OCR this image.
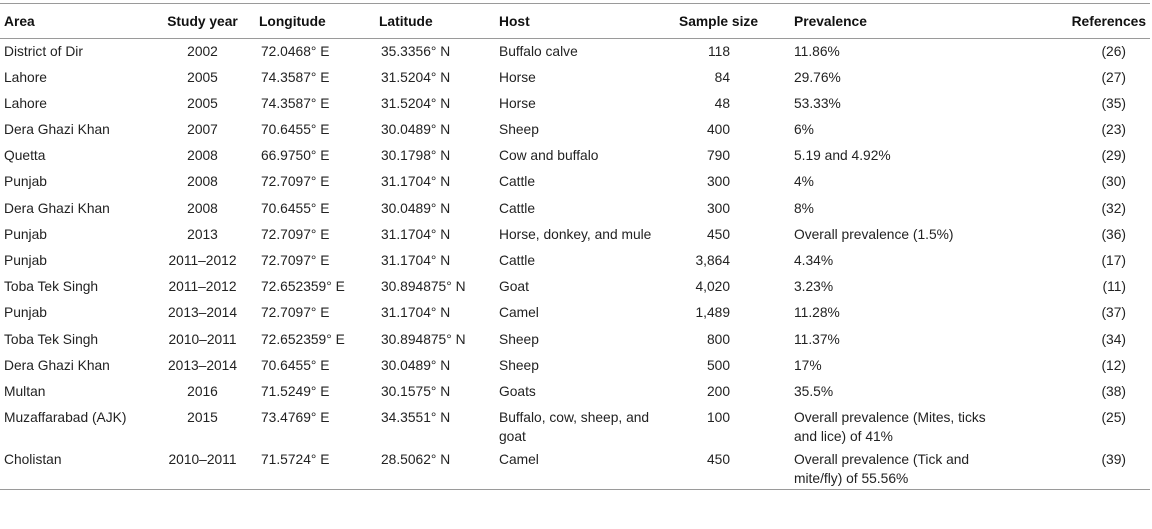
Area	Study year	Longitude	Latitude	Host	Sample size	Prevalence	References
District of Dir	2002	72.0468° E	35.3356° N	Buffalo calve	118	11.86%	(26)
Lahore	2005	74.3587° E	31.5204° N	Horse	84	29.76%	(27)
Lahore	2005	74.3587° E	31.5204° N	Horse	48	53.33%	(35)
Dera Ghazi Khan	2007	70.6455° E	30.0489° N	Sheep	400	6%	(23)
Quetta	2008	66.9750° E	30.1798° N	Cow and buffalo	790	5.19 and 4.92%	(29)
Punjab	2008	72.7097° E	31.1704° N	Cattle	300	4%	(30)
Dera Ghazi Khan	2008	70.6455° E	30.0489° N	Cattle	300	8%	(32)
Punjab	2013	72.7097° E	31.1704° N	Horse, donkey, and mule	450	Overall prevalence (1.5%)	(36)
Punjab	2011–2012	72.7097° E	31.1704° N	Cattle	3,864	4.34%	(17)
Toba Tek Singh	2011–2012	72.652359° E	30.894875° N	Goat	4,020	3.23%	(11)
Punjab	2013–2014	72.7097° E	31.1704° N	Camel	1,489	11.28%	(37)
Toba Tek Singh	2010–2011	72.652359° E	30.894875° N	Sheep	800	11.37%	(34)
Dera Ghazi Khan	2013–2014	70.6455° E	30.0489° N	Sheep	500	17%	(12)
Multan	2016	71.5249° E	30.1575° N	Goats	200	35.5%	(38)
Muzaffarabad (AJK)	2015	73.4769° E	34.3551° N	Buffalo, cow, sheep, and goat	100	Overall prevalence (Mites, ticks and lice) of 41%	(25)
Cholistan	2010–2011	71.5724° E	28.5062° N	Camel	450	Overall prevalence (Tick and mite/fly) of 55.56%	(39)
